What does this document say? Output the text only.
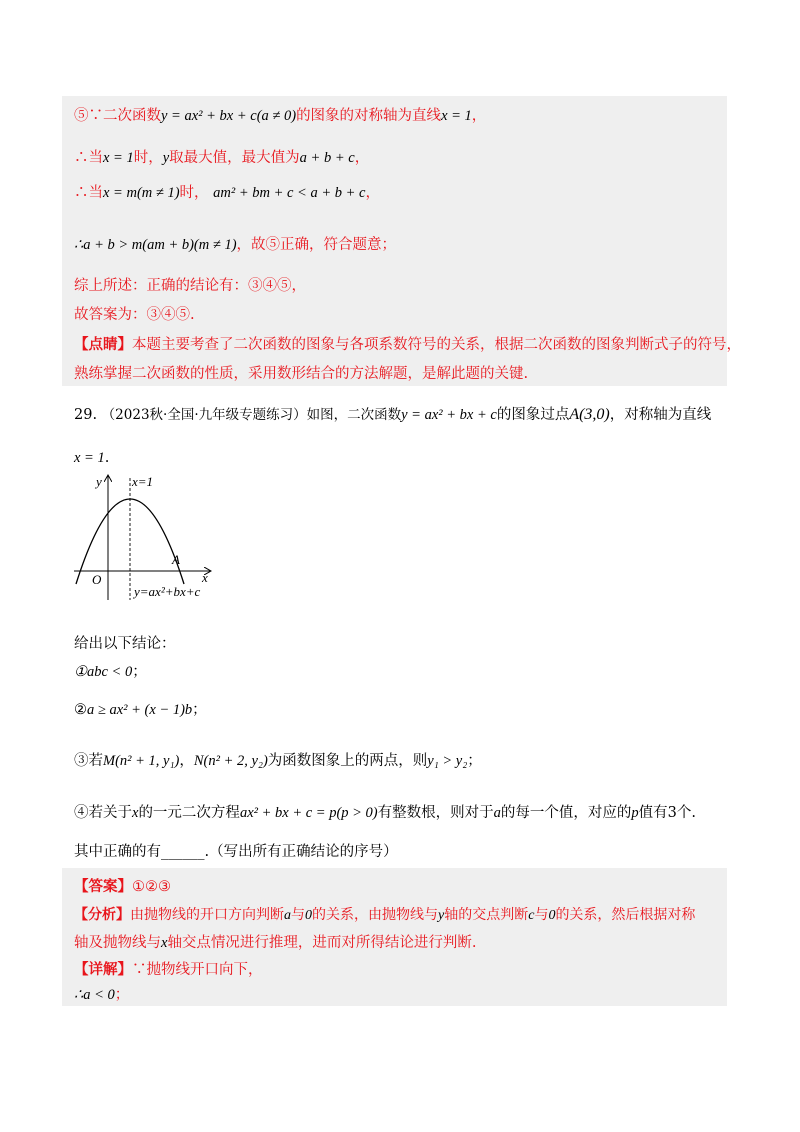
⑤∵二次函数y = ax² + bx + c(a ≠ 0)的图象的对称轴为直线x = 1，
∴当x = 1时，y取最大值，最大值为a + b + c，
∴当x = m(m ≠ 1)时， am² + bm + c < a + b + c，
∴a + b > m(am + b)(m ≠ 1)，故⑤正确，符合题意；
综上所述：正确的结论有：③④⑤，
故答案为：③④⑤.
【点睛】本题主要考查了二次函数的图象与各项系数符号的关系，根据二次函数的图象判断式子的符号，
熟练掌握二次函数的性质，采用数形结合的方法解题，是解此题的关键.
29. （2023秋·全国·九年级专题练习）如图，二次函数y = ax² + bx + c的图象过点A(3,0)，对称轴为直线
x = 1.
y
x
O
A
x=1
y=ax²+bx+c
给出以下结论：
①abc < 0；
②a ≥ ax² + (x − 1)b；
③若M(n² + 1, y₁)，N(n² + 2, y₂)为函数图象上的两点，则y₁ > y₂；
④若关于x的一元二次方程ax² + bx + c = p(p > 0)有整数根，则对于a的每一个值，对应的p值有3个.
其中正确的有______.（写出所有正确结论的序号）
【答案】①②③
【分析】由抛物线的开口方向判断a与0的关系，由抛物线与y轴的交点判断c与0的关系，然后根据对称
轴及抛物线与x轴交点情况进行推理，进而对所得结论进行判断.
【详解】∵抛物线开口向下，
∴a < 0；
